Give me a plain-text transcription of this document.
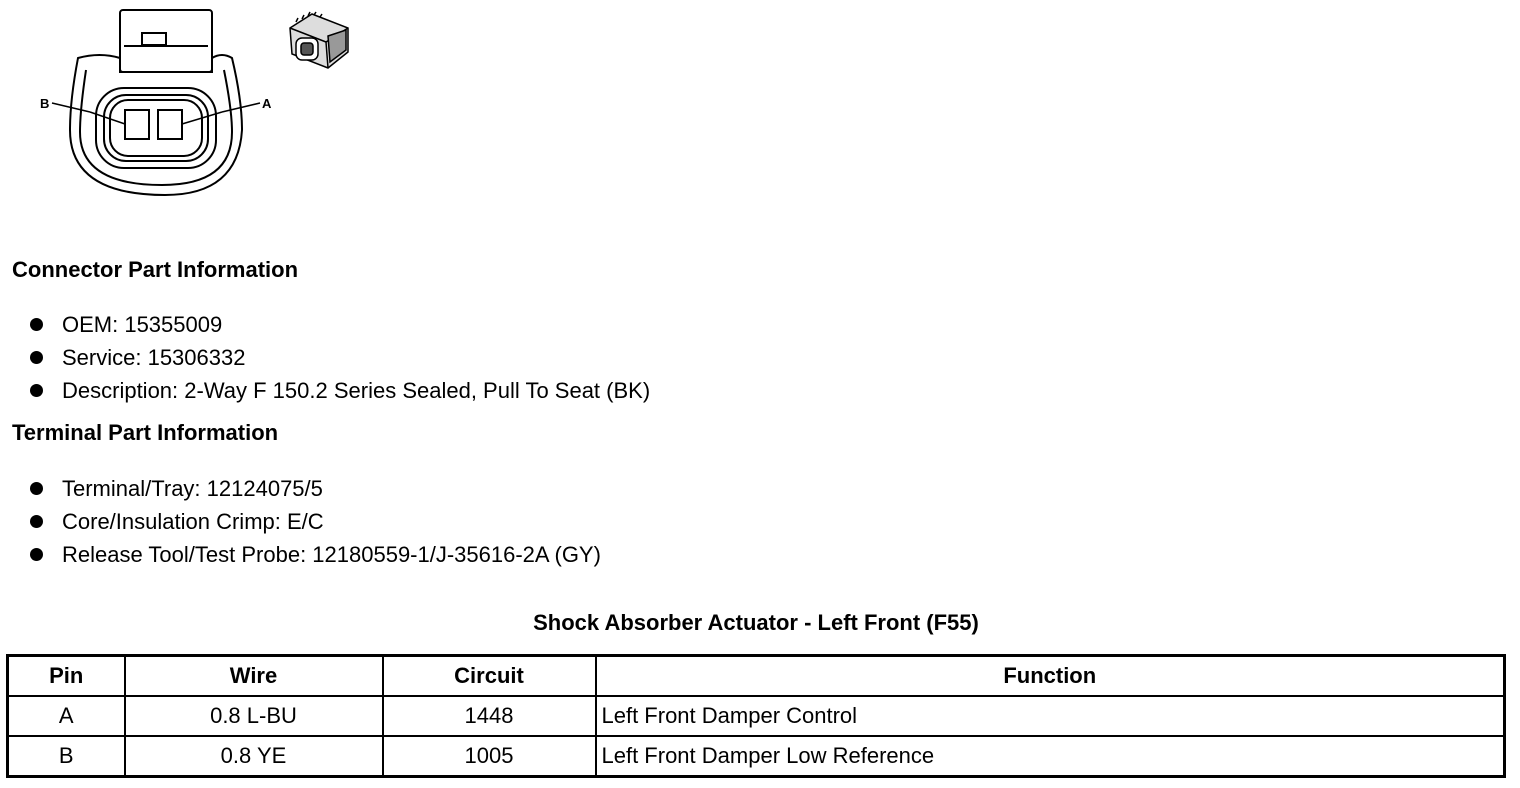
B	A
Connector Part Information
OEM: 15355009
Service: 15306332
Description: 2-Way F 150.2 Series Sealed, Pull To Seat (BK)
Terminal Part Information
Terminal/Tray: 12124075/5
Core/Insulation Crimp: E/C
Release Tool/Test Probe: 12180559-1/J-35616-2A (GY)
Shock Absorber Actuator - Left Front (F55)
Pin	Wire	Circuit	Function
A	0.8 L-BU	1448	Left Front Damper Control
B	0.8 YE	1005	Left Front Damper Low Reference
